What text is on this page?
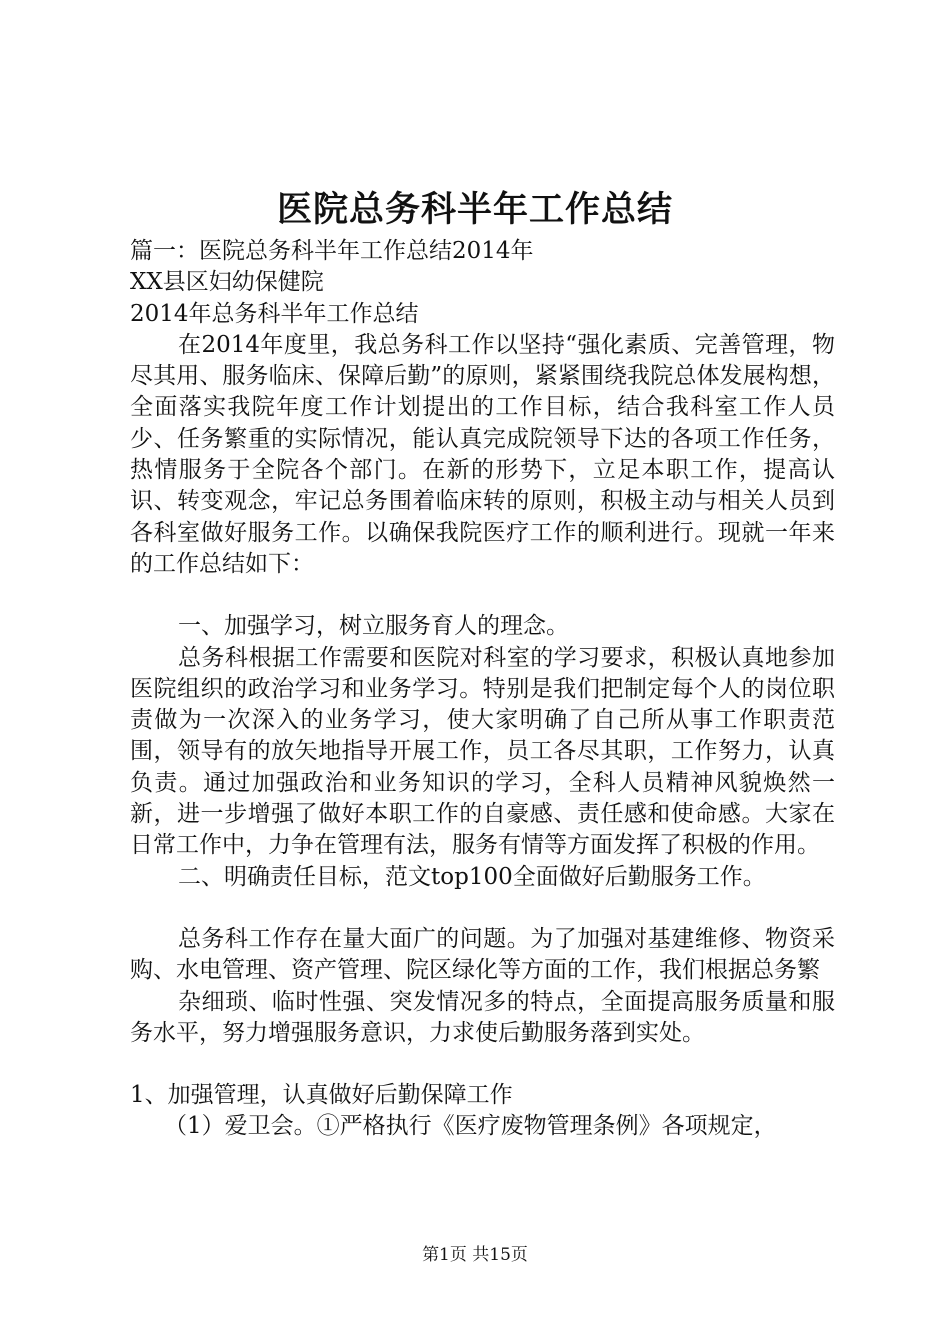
医院总务科半年工作总结

篇一：医院总务科半年工作总结2014年

XX县区妇幼保健院

2014年总务科半年工作总结

在2014年度里，我总务科工作以坚持“强化素质、完善管理，物尽其用、服务临床、保障后勤”的原则，紧紧围绕我院总体发展构想，全面落实我院年度工作计划提出的工作目标，结合我科室工作人员少、任务繁重的实际情况，能认真完成院领导下达的各项工作任务，热情服务于全院各个部门。在新的形势下，立足本职工作，提高认识、转变观念，牢记总务围着临床转的原则，积极主动与相关人员到各科室做好服务工作。以确保我院医疗工作的顺利进行。现就一年来的工作总结如下：

一、加强学习，树立服务育人的理念。

总务科根据工作需要和医院对科室的学习要求，积极认真地参加医院组织的政治学习和业务学习。特别是我们把制定每个人的岗位职责做为一次深入的业务学习，使大家明确了自己所从事工作职责范围，领导有的放矢地指导开展工作，员工各尽其职，工作努力，认真负责。通过加强政治和业务知识的学习，全科人员精神风貌焕然一新，进一步增强了做好本职工作的自豪感、责任感和使命感。大家在日常工作中，力争在管理有法，服务有情等方面发挥了积极的作用。

二、明确责任目标，范文top100全面做好后勤服务工作。

总务科工作存在量大面广的问题。为了加强对基建维修、物资采购、水电管理、资产管理、院区绿化等方面的工作，我们根据总务繁

杂细琐、临时性强、突发情况多的特点，全面提高服务质量和服务水平，努力增强服务意识，力求使后勤服务落到实处。

1、加强管理，认真做好后勤保障工作

（1）爱卫会。①严格执行《医疗废物管理条例》各项规定，

第1页 共15页
